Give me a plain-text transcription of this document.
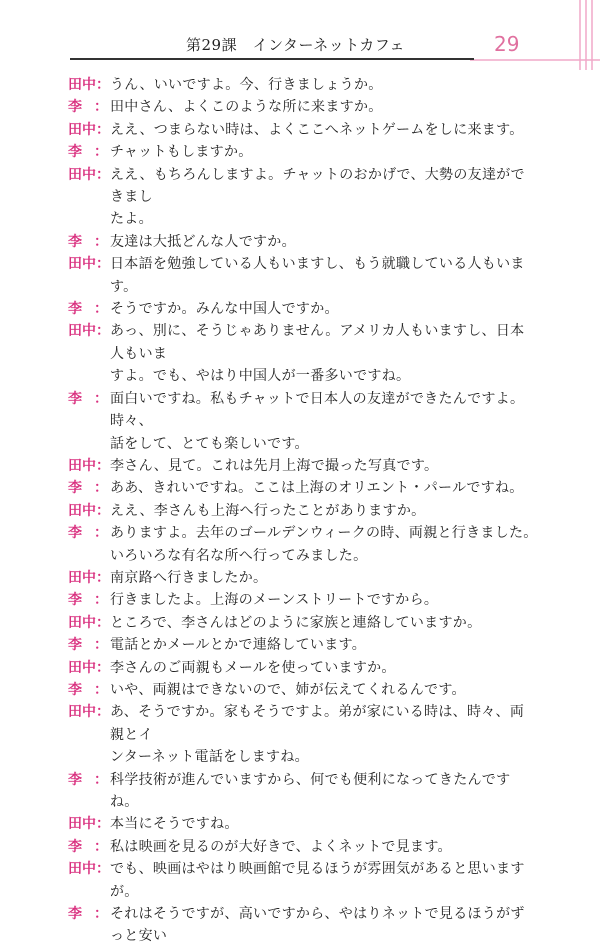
第29課　インターネットカフェ	29
田中 ： うん、いいですよ。今、行きましょうか。
李 ： 田中さん、よくこのような所に来ますか。
田中 ： ええ、つまらない時は、よくここへネットゲームをしに来ます。
李 ： チャットもしますか。
田中 ： ええ、もちろんしますよ。チャットのおかげで、大勢の友達ができまし
たよ。
李 ： 友達は大抵どんな人ですか。
田中 ： 日本語を勉強している人もいますし、もう就職している人もいます。
李 ： そうですか。みんな中国人ですか。
田中 ： あっ、別に、そうじゃありません。アメリカ人もいますし、日本人もいま
すよ。でも、やはり中国人が一番多いですね。
李 ： 面白いですね。私もチャットで日本人の友達ができたんですよ。時々、
話をして、とても楽しいです。
田中 ： 李さん、見て。これは先月上海で撮った写真です。
李 ： ああ、きれいですね。ここは上海のオリエント・パールですね。
田中 ： ええ、李さんも上海へ行ったことがありますか。
李 ： ありますよ。去年のゴールデンウィークの時、両親と行きました。
いろいろな有名な所へ行ってみました。
田中 ： 南京路へ行きましたか。
李 ： 行きましたよ。上海のメーンストリートですから。
田中 ： ところで、李さんはどのように家族と連絡していますか。
李 ： 電話とかメールとかで連絡しています。
田中 ： 李さんのご両親もメールを使っていますか。
李 ： いや、両親はできないので、姉が伝えてくれるんです。
田中 ： あ、そうですか。家もそうですよ。弟が家にいる時は、時々、両親とイ
ンターネット電話をしますね。
李 ： 科学技術が進んでいますから、何でも便利になってきたんですね。
田中 ： 本当にそうですね。
李 ： 私は映画を見るのが大好きで、よくネットで見ます。
田中 ： でも、映画はやはり映画館で見るほうが雰囲気があると思いますが。
李 ： それはそうですが、高いですから、やはりネットで見るほうがずっと安い
